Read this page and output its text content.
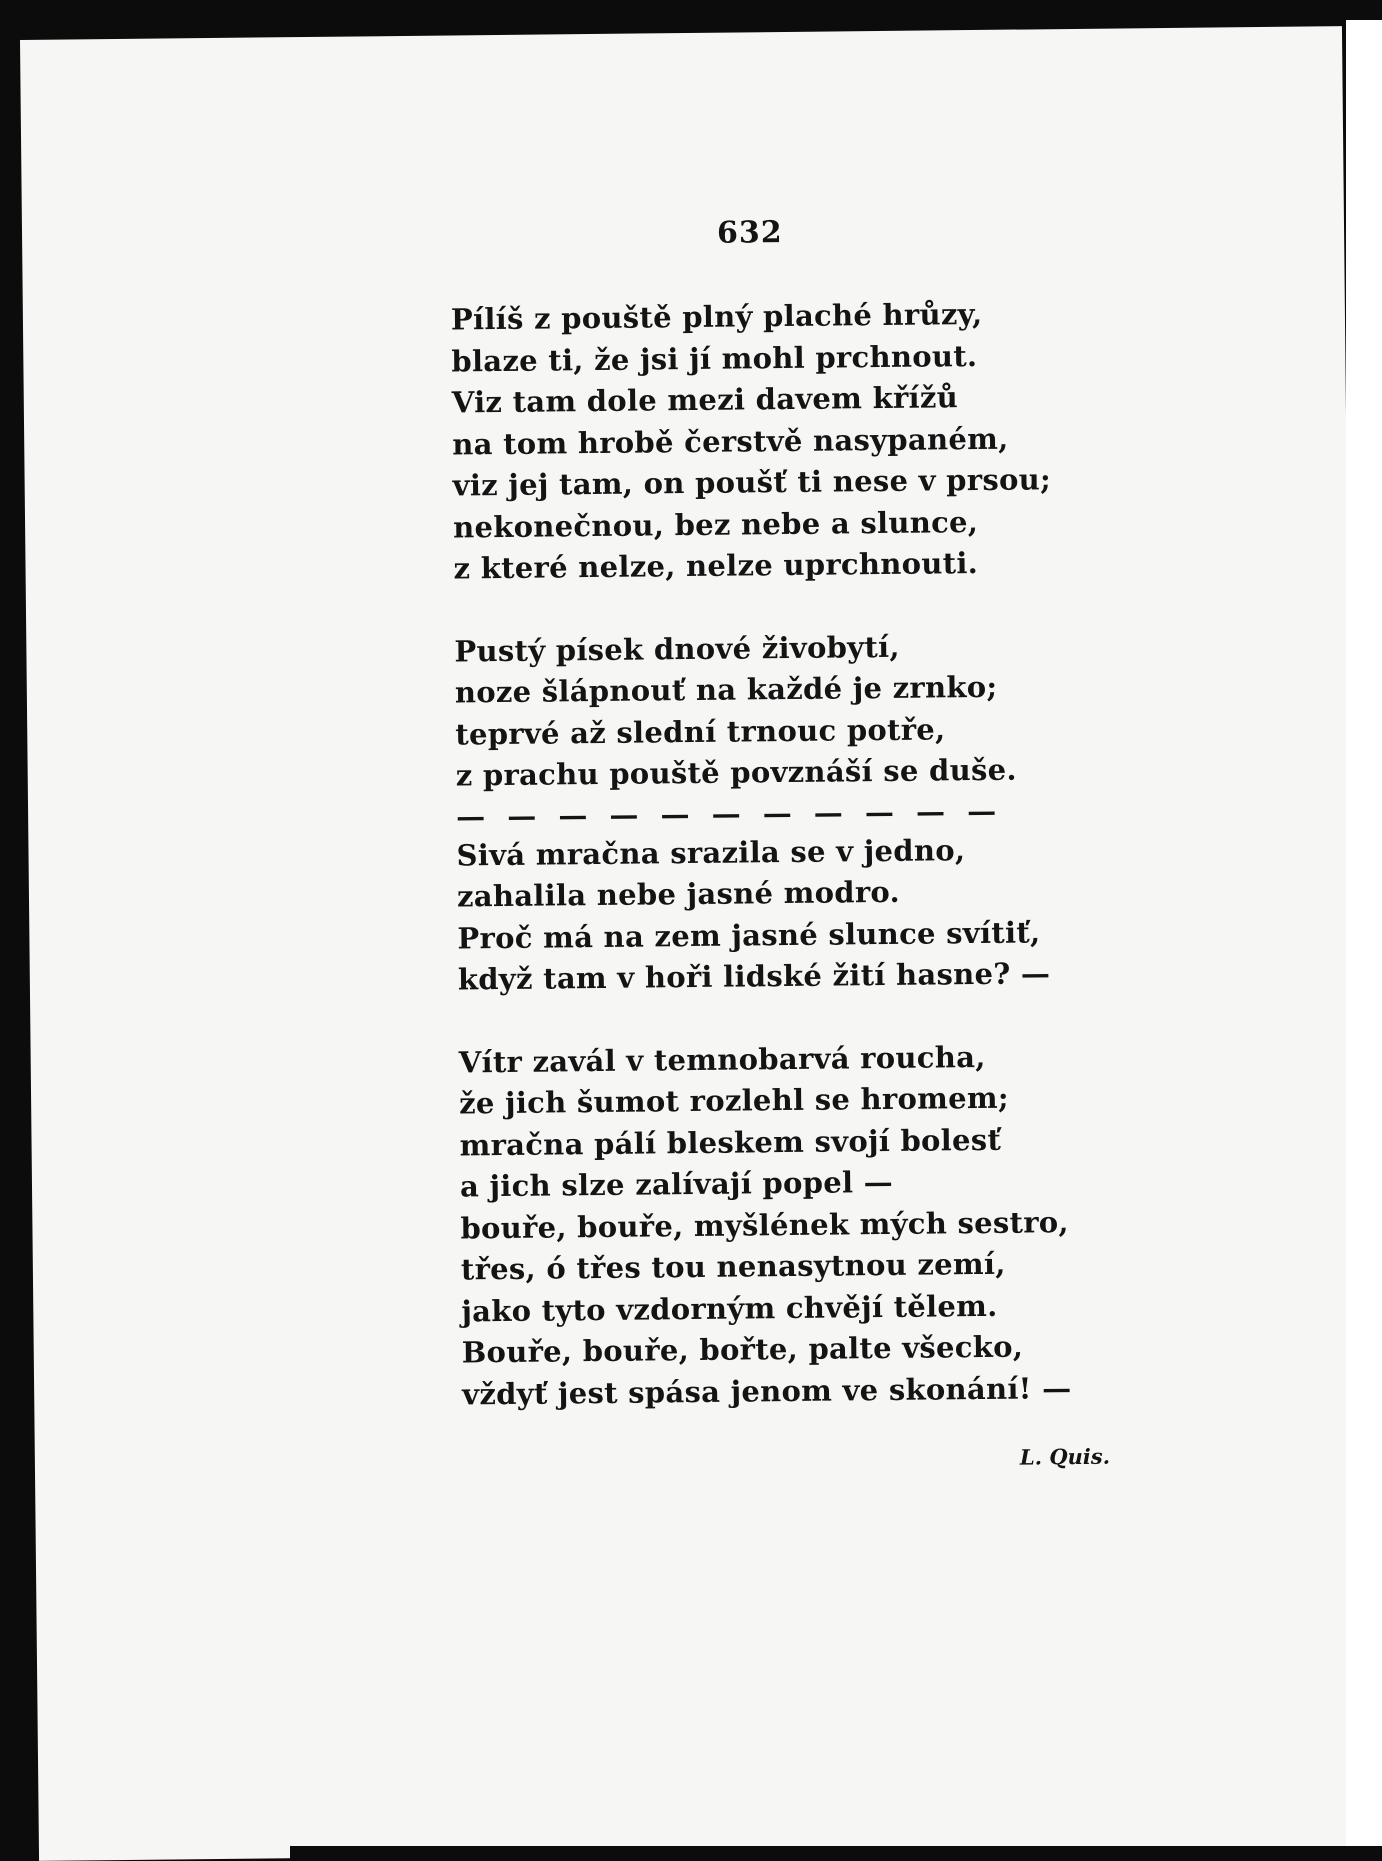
632
Pílíš z pouště plný plaché hrůzy,
blaze ti, že jsi jí mohl prchnout.
Viz tam dole mezi davem křížů
na tom hrobě čerstvě nasypaném,
viz jej tam, on poušť ti nese v prsou;
nekonečnou, bez nebe a slunce,
z které nelze, nelze uprchnouti.
Pustý písek dnové živobytí,
noze šlápnouť na každé je zrnko;
teprvé až slední trnouc potře,
z prachu pouště povznáší se duše.
— — — — — — — — — — —
Sivá mračna srazila se v jedno,
zahalila nebe jasné modro.
Proč má na zem jasné slunce svítiť,
když tam v hoři lidské žití hasne? —
Vítr zavál v temnobarvá roucha,
že jich šumot rozlehl se hromem;
mračna pálí bleskem svojí bolesť
a jich slze zalívají popel —
bouře, bouře, myšlének mých sestro,
třes, ó třes tou nenasytnou zemí,
jako tyto vzdorným chvějí tělem.
Bouře, bouře, bořte, palte všecko,
vždyť jest spása jenom ve skonání! —
L. Quis.
